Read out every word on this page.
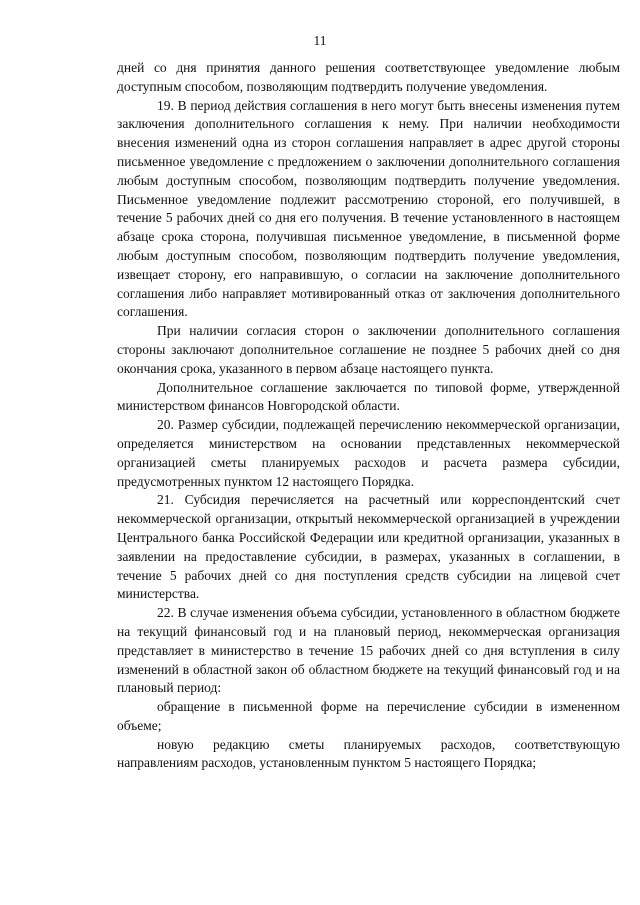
11

дней со дня принятия данного решения соответствующее уведомление любым доступным способом, позволяющим подтвердить получение уведомления.

19. В период действия соглашения в него могут быть внесены изменения путем заключения дополнительного соглашения к нему. При наличии необходимости внесения изменений одна из сторон соглашения направляет в адрес другой стороны письменное уведомление с предложением о заключении дополнительного соглашения любым доступным способом, позволяющим подтвердить получение уведомления. Письменное уведомление подлежит рассмотрению стороной, его получившей, в течение 5 рабочих дней со дня его получения. В течение установленного в настоящем абзаце срока сторона, получившая письменное уведомление, в письменной форме любым доступным способом, позволяющим подтвердить получение уведомления, извещает сторону, его направившую, о согласии на заключение дополнительного соглашения либо направляет мотивированный отказ от заключения дополнительного соглашения.

При наличии согласия сторон о заключении дополнительного соглашения стороны заключают дополнительное соглашение не позднее 5 рабочих дней со дня окончания срока, указанного в первом абзаце настоящего пункта.

Дополнительное соглашение заключается по типовой форме, утвержденной министерством финансов Новгородской области.

20. Размер субсидии, подлежащей перечислению некоммерческой организации, определяется министерством на основании представленных некоммерческой организацией сметы планируемых расходов и расчета размера субсидии, предусмотренных пунктом 12 настоящего Порядка.

21. Субсидия перечисляется на расчетный или корреспондентский счет некоммерческой организации, открытый некоммерческой организацией в учреждении Центрального банка Российской Федерации или кредитной организации, указанных в заявлении на предоставление субсидии, в размерах, указанных в соглашении, в течение 5 рабочих дней со дня поступления средств субсидии на лицевой счет министерства.

22. В случае изменения объема субсидии, установленного в областном бюджете на текущий финансовый год и на плановый период, некоммерческая организация представляет в министерство в течение 15 рабочих дней со дня вступления в силу изменений в областной закон об областном бюджете на текущий финансовый год и на плановый период:

обращение в письменной форме на перечисление субсидии в измененном объеме;

новую редакцию сметы планируемых расходов, соответствующую направлениям расходов, установленным пунктом 5 настоящего Порядка;
